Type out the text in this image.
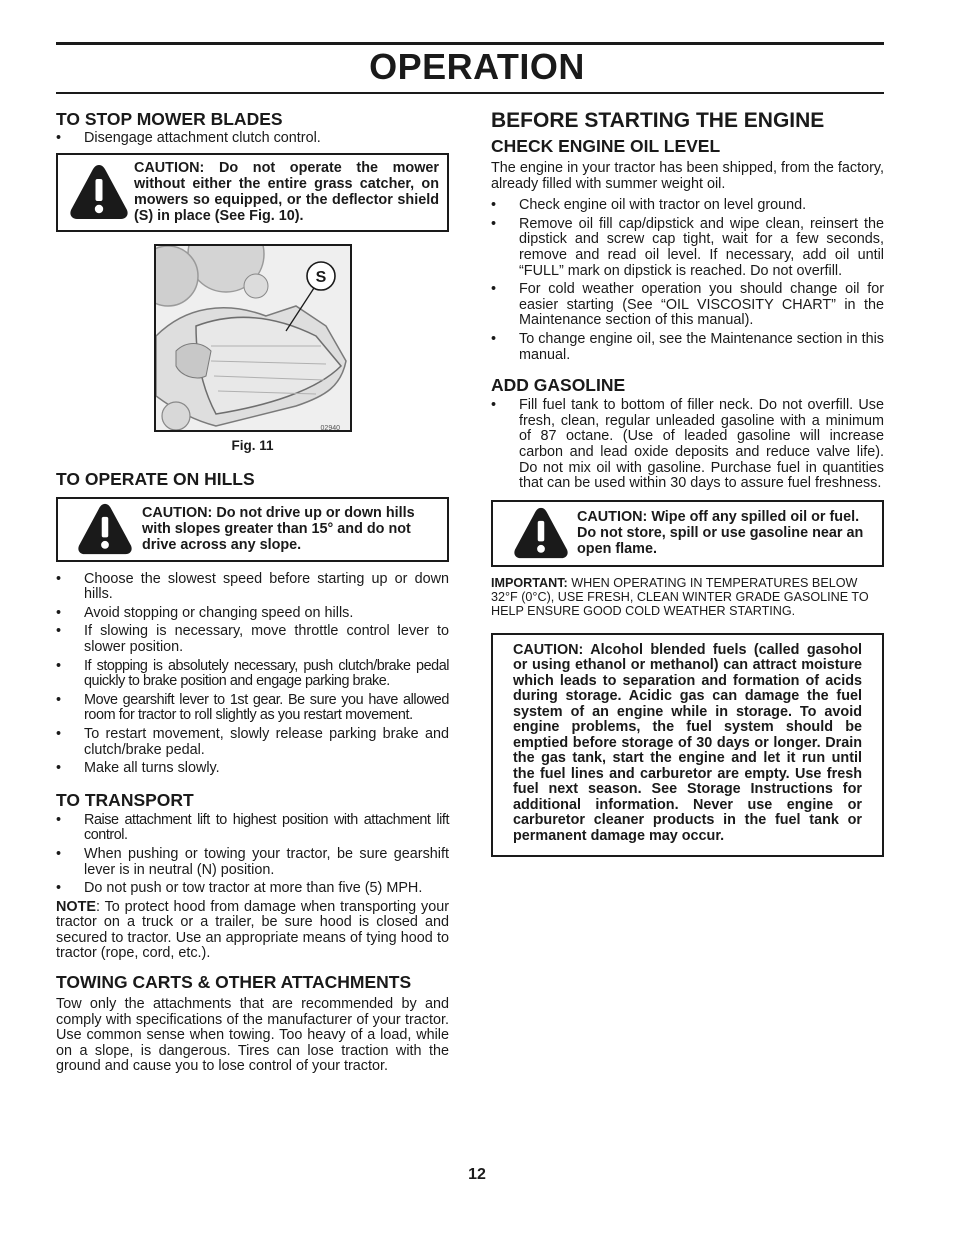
OPERATION
TO STOP MOWER BLADES
• Disengage attachment clutch control.
CAUTION: Do not operate the mower without either the entire grass catcher, on mowers so equipped, or the deflector shield (S) in place (See Fig. 10).
S
02940
Fig. 11
TO OPERATE ON HILLS
CAUTION: Do not drive up or down hills with slopes greater than 15° and do not drive across any slope.
• Choose the slowest speed before starting up or down hills.
• Avoid stopping or changing speed on hills.
• If slowing is necessary, move throttle control lever to slower position.
• If stopping is absolutely necessary, push clutch/brake pedal quickly to brake position and engage parking brake.
• Move gearshift lever to 1st gear. Be sure you have allowed room for tractor to roll slightly as you restart movement.
• To restart movement, slowly release parking brake and clutch/brake pedal.
• Make all turns slowly.
TO TRANSPORT
• Raise attachment lift to highest position with attachment lift control.
• When pushing or towing your tractor, be sure gearshift lever is in neutral (N) position.
• Do not push or tow tractor at more than five (5) MPH.

NOTE: To protect hood from damage when transporting your tractor on a truck or a trailer, be sure hood is closed and secured to tractor. Use an appropriate means of tying hood to tractor (rope, cord, etc.).

TOWING CARTS & OTHER ATTACHMENTS

Tow only the attachments that are recommended by and comply with specifications of the manufacturer of your tractor. Use common sense when towing. Too heavy of a load, while on a slope, is dangerous. Tires can lose traction with the ground and cause you to lose control of your tractor.

BEFORE STARTING THE ENGINE
CHECK ENGINE OIL LEVEL

The engine in your tractor has been shipped, from the factory, already filled with summer weight oil.

• Check engine oil with tractor on level ground.
• Remove oil fill cap/dipstick and wipe clean, reinsert the dipstick and screw cap tight, wait for a few seconds, remove and read oil level. If necessary, add oil until “FULL” mark on dipstick is reached. Do not overfill.
• For cold weather operation you should change oil for easier starting (See “OIL VISCOSITY CHART” in the Maintenance section of this manual).
• To change engine oil, see the Maintenance section in this manual.
ADD GASOLINE
• Fill fuel tank to bottom of filler neck. Do not overfill. Use fresh, clean, regular unleaded gasoline with a minimum of 87 octane. (Use of leaded gasoline will increase carbon and lead oxide deposits and reduce valve life). Do not mix oil with gasoline. Purchase fuel in quantities that can be used within 30 days to assure fuel freshness.
CAUTION: Wipe off any spilled oil or fuel. Do not store, spill or use gasoline near an open flame.

IMPORTANT: WHEN OPERATING IN TEMPERATURES BELOW 32°F (0°C), USE FRESH, CLEAN WINTER GRADE GASOLINE TO HELP ENSURE GOOD COLD WEATHER STARTING.

CAUTION: Alcohol blended fuels (called gasohol or using ethanol or methanol) can attract moisture which leads to separation and formation of acids during storage. Acidic gas can damage the fuel system of an engine while in storage. To avoid engine problems, the fuel system should be emptied before storage of 30 days or longer. Drain the gas tank, start the engine and let it run until the fuel lines and carburetor are empty. Use fresh fuel next season. See Storage Instructions for additional information. Never use engine or carburetor cleaner products in the fuel tank or permanent damage may occur.
12
